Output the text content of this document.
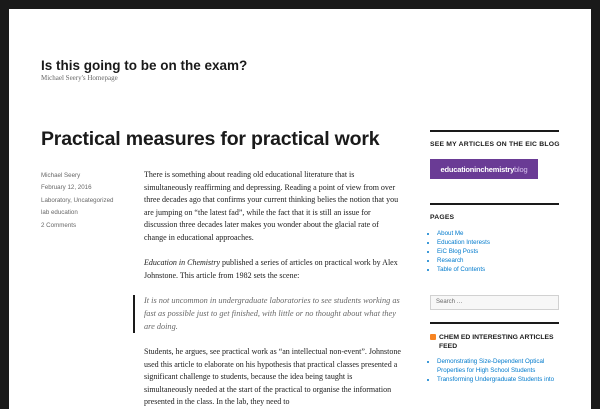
Is this going to be on the exam?
Michael Seery's Homepage
Practical measures for practical work
Michael Seery
February 12, 2016
Laboratory, Uncategorized
lab education
2 Comments

There is something about reading old educational literature that is simultaneously reaffirming and depressing. Reading a point of view from over three decades ago that confirms your current thinking belies the notion that you are jumping on “the latest fad”, while the fact that it is still an issue for discussion three decades later makes you wonder about the glacial rate of change in educational approaches.

Education in Chemistry published a series of articles on practical work by Alex Johnstone. This article from 1982 sets the scene:

It is not uncommon in undergraduate laboratories to see students working as fast as possible just to get finished, with little or no thought about what they are doing.

Students, he argues, see practical work as “an intellectual non-event”. Johnstone used this article to elaborate on his hypothesis that practical classes presented a significant challenge to students, because the idea being taught is simultaneously needed at the start of the practical to organise the information presented in the class. In the lab, they need to

SEE MY ARTICLES ON THE EIC BLOG
educationinchemistry blog
PAGES
• About Me
• Education Interests
• EiC Blog Posts
• Research
• Table of Contents
Search …
CHEM ED INTERESTING ARTICLES FEED
• Demonstrating Size-Dependent Optical Properties for High School Students
• Transforming Undergraduate Students into
